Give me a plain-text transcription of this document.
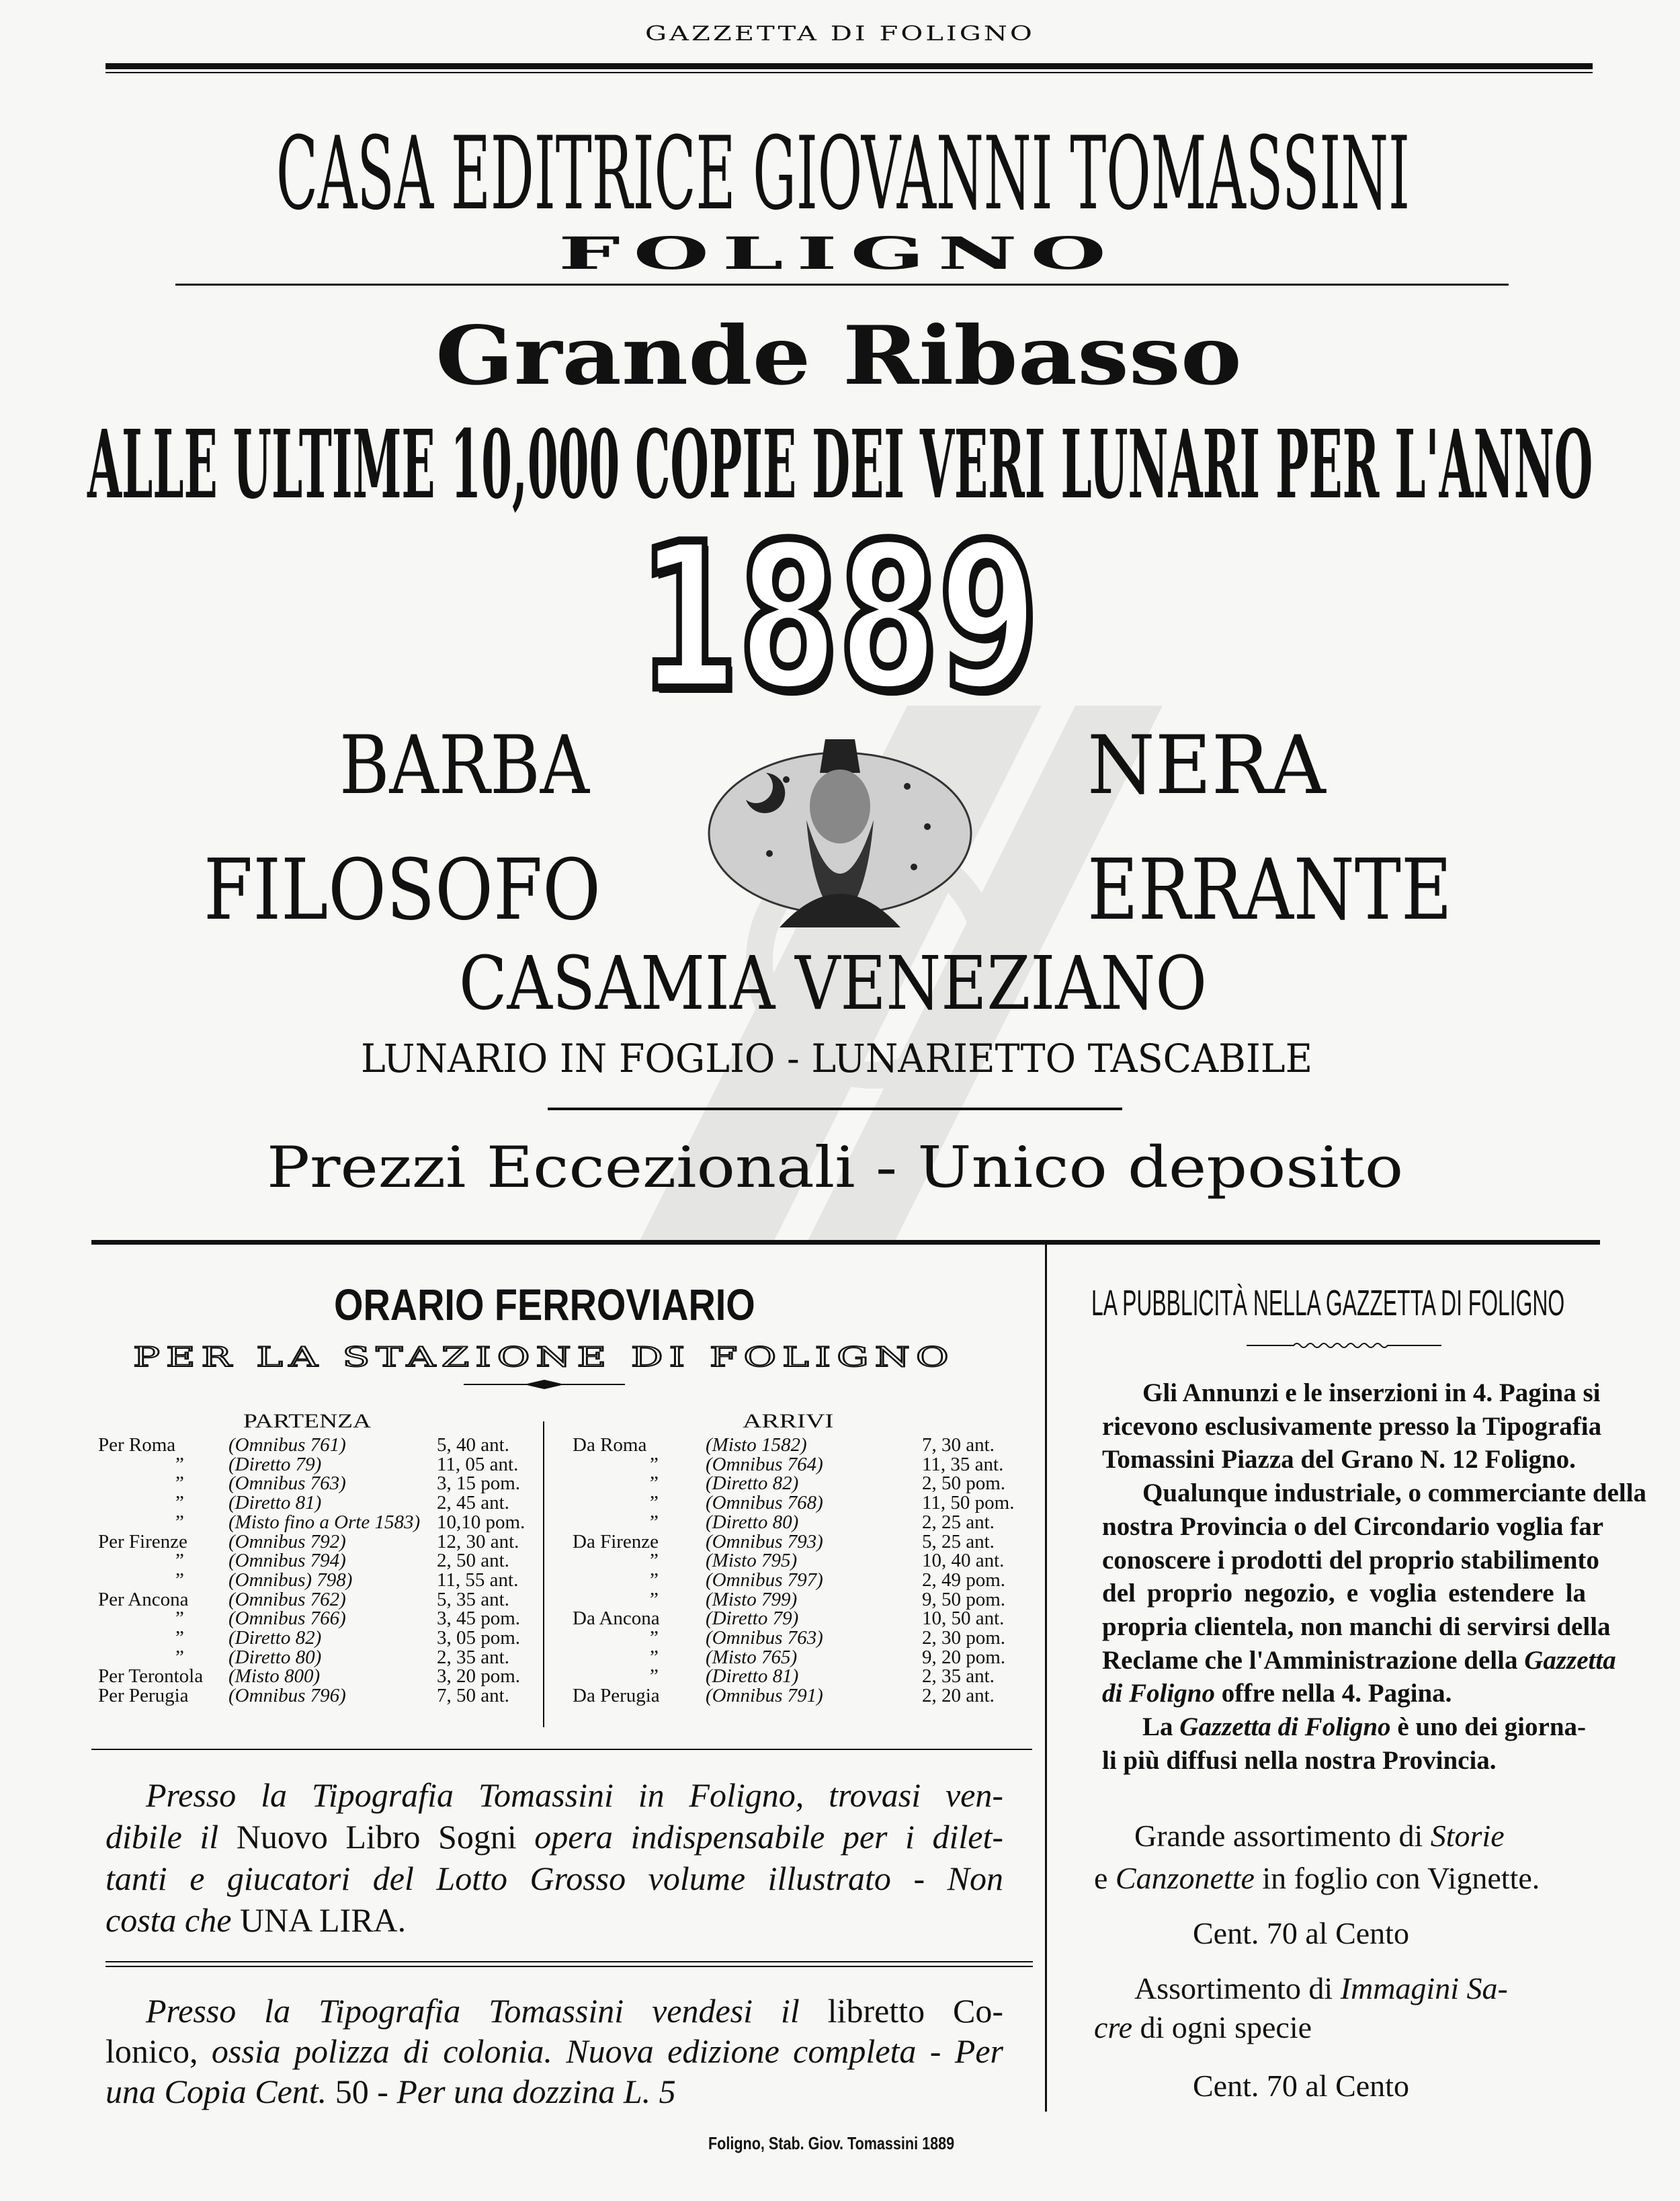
GAZZETTA DI FOLIGNO
CASA EDITRICE GIOVANNI TOMASSINI
FOLIGNO
Grande Ribasso
ALLE ULTIME 10,000 COPIE DEI VERI LUNARI PER L'ANNO
1889
BARBA	NERA
FILOSOFO	ERRANTE
CASAMIA VENEZIANO
LUNARIO IN FOGLIO - LUNARIETTO TASCABILE
Prezzi Eccezionali - Unico deposito
ORARIO FERROVIARIO
PER LA STAZIONE DI FOLIGNO
PARTENZA	ARRIVI
Per Roma	(Omnibus 761)	5, 40 ant.
” (Diretto 79)	11, 05 ant.
” (Omnibus 763)	3, 15 pom.
” (Diretto 81)	2, 45 ant.
” (Misto fino a Orte 1583) 10,10 pom.
Per Firenze (Omnibus 792)	12, 30 ant.
” (Omnibus 794)	2, 50 ant.
” (Omnibus) 798)	11, 55 ant.
Per Ancona (Omnibus 762)	5, 35 ant.
” (Omnibus 766)	3, 45 pom.
” (Diretto 82)	3, 05 pom.
” (Diretto 80)	2, 35 ant.
Per Terontola (Misto 800)	3, 20 pom.
Per Perugia (Omnibus 796)	7, 50 ant.
Da Roma	(Misto 1582)	7, 30 ant.
” (Omnibus 764)	11, 35 ant.
” (Diretto 82)	2, 50 pom.
” (Omnibus 768)	11, 50 pom.
” (Diretto 80)	2, 25 ant.
Da Firenze (Omnibus 793)	5, 25 ant.
” (Misto 795)	10, 40 ant.
” (Omnibus 797)	2, 49 pom.
” (Misto 799)	9, 50 pom.
Da Ancona (Diretto 79)	10, 50 ant.
” (Omnibus 763)	2, 30 pom.
” (Misto 765)	9, 20 pom.
” (Diretto 81)	2, 35 ant.
Da Perugia (Omnibus 791)	2, 20 ant.
Presso la Tipografia Tomassini in Foligno, trovasi ven-
dibile il Nuovo Libro Sogni opera indispensabile per i dilet-
tanti e giucatori del Lotto Grosso volume illustrato - Non
costa che UNA LIRA.
Presso la Tipografia Tomassini vendesi il libretto Co-
lonico, ossia polizza di colonia. Nuova edizione completa - Per
una Copia Cent. 50 - Per una dozzina L. 5
Foligno, Stab. Giov. Tomassini 1889
LA PUBBLICITÀ NELLA GAZZETTA DI FOLIGNO
Gli Annunzi e le inserzioni in 4. Pagina si
ricevono esclusivamente presso la Tipografia
Tomassini Piazza del Grano N. 12 Foligno.
Qualunque industriale, o commerciante della
nostra Provincia o del Circondario voglia far
conoscere i prodotti del proprio stabilimento
del proprio negozio, e voglia estendere la
propria clientela, non manchi di servirsi della
Reclame che l'Amministrazione della Gazzetta
di Foligno offre nella 4. Pagina.
La Gazzetta di Foligno è uno dei giorna-
li più diffusi nella nostra Provincia.
Grande assortimento di Storie
e Canzonette in foglio con Vignette.
Cent. 70 al Cento
Assortimento di Immagini Sa-
cre di ogni specie
Cent. 70 al Cento
